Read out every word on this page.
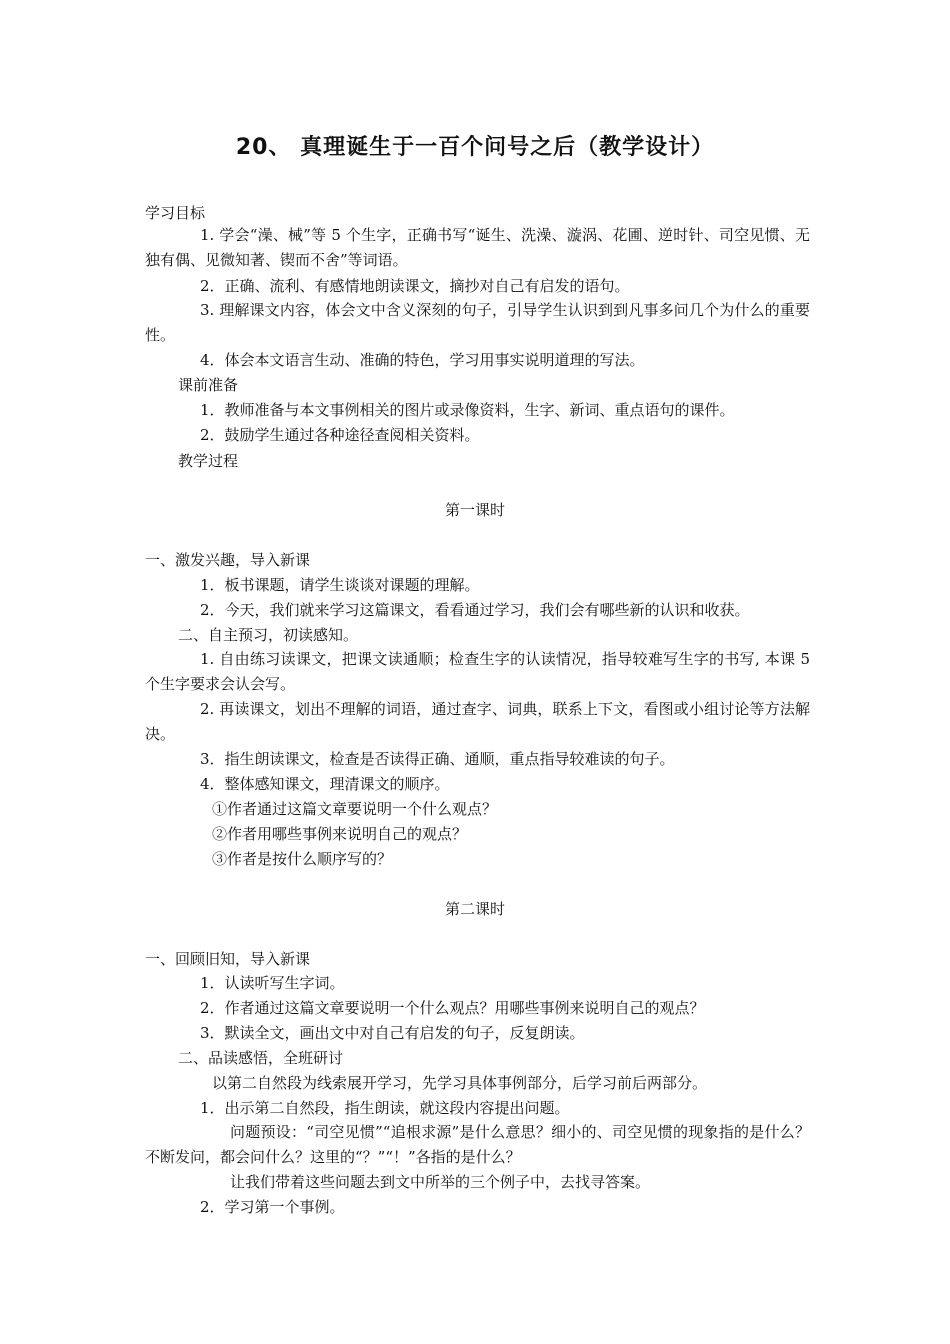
20、 真理诞生于一百个问号之后（教学设计）
学习目标
1. 学会“澡、械”等 5 个生字，正确书写“诞生、洗澡、漩涡、花圃、逆时针、司空见惯、无独有偶、见微知著、锲而不舍”等词语。
2．正确、流利、有感情地朗读课文，摘抄对自己有启发的语句。
3. 理解课文内容，体会文中含义深刻的句子，引导学生认识到到凡事多问几个为什么的重要性。
4．体会本文语言生动、准确的特色，学习用事实说明道理的写法。
课前准备
1．教师准备与本文事例相关的图片或录像资料，生字、新词、重点语句的课件。
2．鼓励学生通过各种途径查阅相关资料。
教学过程
第一课时
一、激发兴趣，导入新课
1．板书课题，请学生谈谈对课题的理解。
2．今天，我们就来学习这篇课文，看看通过学习，我们会有哪些新的认识和收获。
二、自主预习，初读感知。
1. 自由练习读课文，把课文读通顺；检查生字的认读情况，指导较难写生字的书写, 本课 5 个生字要求会认会写。
2. 再读课文，划出不理解的词语，通过查字、词典，联系上下文，看图或小组讨论等方法解决。
3．指生朗读课文，检查是否读得正确、通顺，重点指导较难读的句子。
4．整体感知课文，理清课文的顺序。
①作者通过这篇文章要说明一个什么观点？
②作者用哪些事例来说明自己的观点？
③作者是按什么顺序写的？
第二课时
一、回顾旧知，导入新课
1．认读听写生字词。
2．作者通过这篇文章要说明一个什么观点？用哪些事例来说明自己的观点？
3．默读全文，画出文中对自己有启发的句子，反复朗读。
二、品读感悟，全班研讨
以第二自然段为线索展开学习，先学习具体事例部分，后学习前后两部分。
1．出示第二自然段，指生朗读，就这段内容提出问题。
问题预设：“司空见惯”“追根求源”是什么意思？细小的、司空见惯的现象指的是什么？不断发问，都会问什么？这里的“？”“！”各指的是什么？
让我们带着这些问题去到文中所举的三个例子中，去找寻答案。
2．学习第一个事例。
